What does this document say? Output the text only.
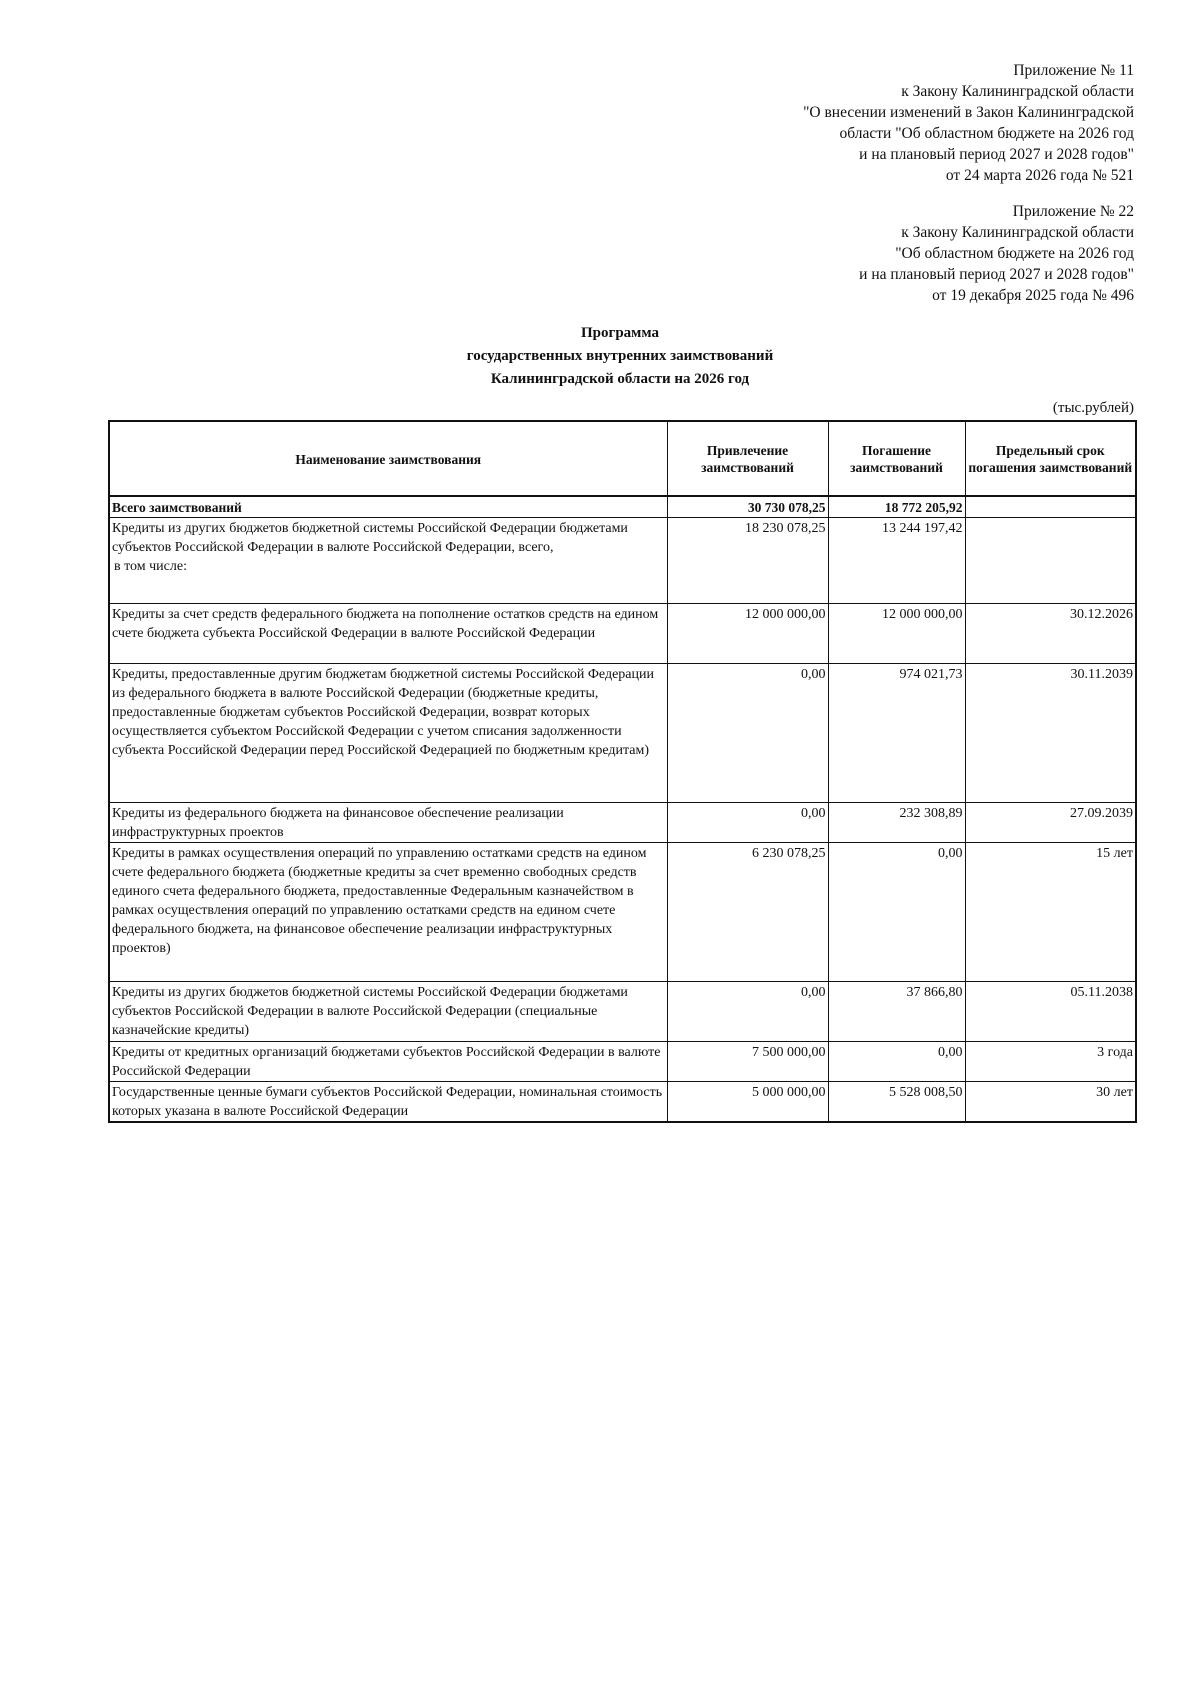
Приложение № 11
к Закону Калининградской области
"О внесении изменений в Закон Калининградской
области "Об областном бюджете на 2026 год
и на плановый период 2027 и 2028 годов"
от 24 марта 2026 года № 521
Приложение № 22
к Закону Калининградской области
"Об областном бюджете на 2026 год
и на плановый период 2027 и 2028 годов"
от 19 декабря 2025 года № 496
Программа
государственных внутренних заимствований
Калининградской области на 2026 год
(тыс.рублей)
Наименование заимствования	Привлечение заимствований	Погашение заимствований	Предельный срок погашения заимствований
Всего заимствований	30 730 078,25	18 772 205,92	

Кредиты из других бюджетов бюджетной системы Российской Федерации бюджетами субъектов Российской Федерации в валюте Российской Федерации, всего,
в том числе:	18 230 078,25	13 244 197,42	
Кредиты за счет средств федерального бюджета на пополнение остатков средств на едином счете бюджета субъекта Российской Федерации в валюте Российской Федерации	12 000 000,00	12 000 000,00	30.12.2026
Кредиты, предоставленные другим бюджетам бюджетной системы Российской Федерации из федерального бюджета в валюте Российской Федерации (бюджетные кредиты, предоставленные бюджетам субъектов Российской Федерации, возврат которых осуществляется субъектом Российской Федерации с учетом списания задолженности субъекта Российской Федерации перед Российской Федерацией по бюджетным кредитам)	0,00	974 021,73	30.11.2039
Кредиты из федерального бюджета на финансовое обеспечение реализации инфраструктурных проектов	0,00	232 308,89	27.09.2039
Кредиты в рамках осуществления операций по управлению остатками средств на едином счете федерального бюджета (бюджетные кредиты за счет временно свободных средств единого счета федерального бюджета, предоставленные Федеральным казначейством в рамках осуществления операций по управлению остатками средств на едином счете федерального бюджета, на финансовое обеспечение реализации инфраструктурных проектов)	6 230 078,25	0,00	15 лет
Кредиты из других бюджетов бюджетной системы Российской Федерации бюджетами субъектов Российской Федерации в валюте Российской Федерации (специальные казначейские кредиты)	0,00	37 866,80	05.11.2038
Кредиты от кредитных организаций бюджетами субъектов Российской Федерации в валюте Российской Федерации	7 500 000,00	0,00	3 года
Государственные ценные бумаги субъектов Российской Федерации, номинальная стоимость которых указана в валюте Российской Федерации	5 000 000,00	5 528 008,50	30 лет
